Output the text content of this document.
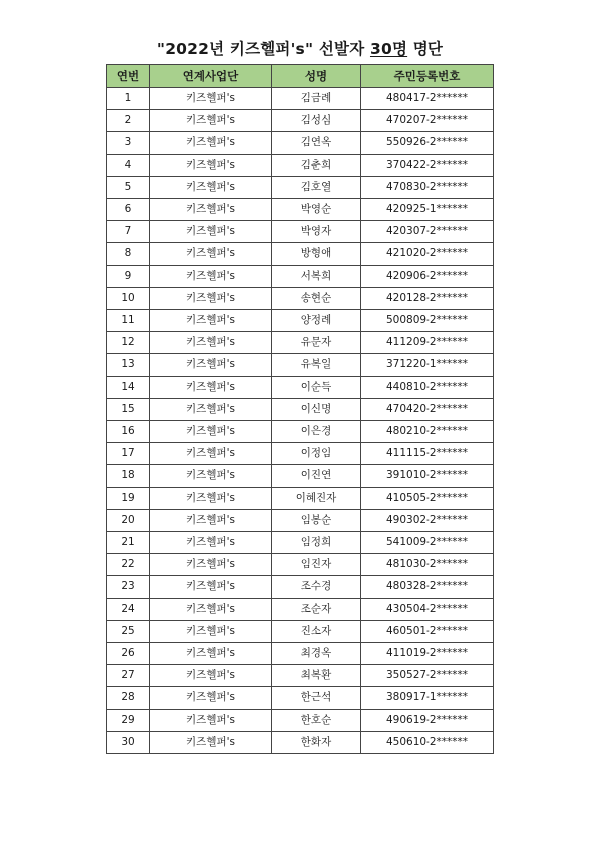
"2022년 키즈헬퍼's" 선발자 30명 명단
연번	연계사업단	성명	주민등록번호
1	키즈헬퍼's	김금례	480417-2******
2	키즈헬퍼's	김성심	470207-2******
3	키즈헬퍼's	김연옥	550926-2******
4	키즈헬퍼's	김춘희	370422-2******
5	키즈헬퍼's	김호열	470830-2******
6	키즈헬퍼's	박영순	420925-1******
7	키즈헬퍼's	박영자	420307-2******
8	키즈헬퍼's	방형애	421020-2******
9	키즈헬퍼's	서복희	420906-2******
10	키즈헬퍼's	송현순	420128-2******
11	키즈헬퍼's	양정례	500809-2******
12	키즈헬퍼's	유문자	411209-2******
13	키즈헬퍼's	유복일	371220-1******
14	키즈헬퍼's	이순득	440810-2******
15	키즈헬퍼's	이신명	470420-2******
16	키즈헬퍼's	이은경	480210-2******
17	키즈헬퍼's	이정임	411115-2******
18	키즈헬퍼's	이진연	391010-2******
19	키즈헬퍼's	이혜진자	410505-2******
20	키즈헬퍼's	임봉순	490302-2******
21	키즈헬퍼's	임정희	541009-2******
22	키즈헬퍼's	임진자	481030-2******
23	키즈헬퍼's	조수경	480328-2******
24	키즈헬퍼's	조순자	430504-2******
25	키즈헬퍼's	진소자	460501-2******
26	키즈헬퍼's	최경옥	411019-2******
27	키즈헬퍼's	최복환	350527-2******
28	키즈헬퍼's	한근석	380917-1******
29	키즈헬퍼's	한호순	490619-2******
30	키즈헬퍼's	한화자	450610-2******
